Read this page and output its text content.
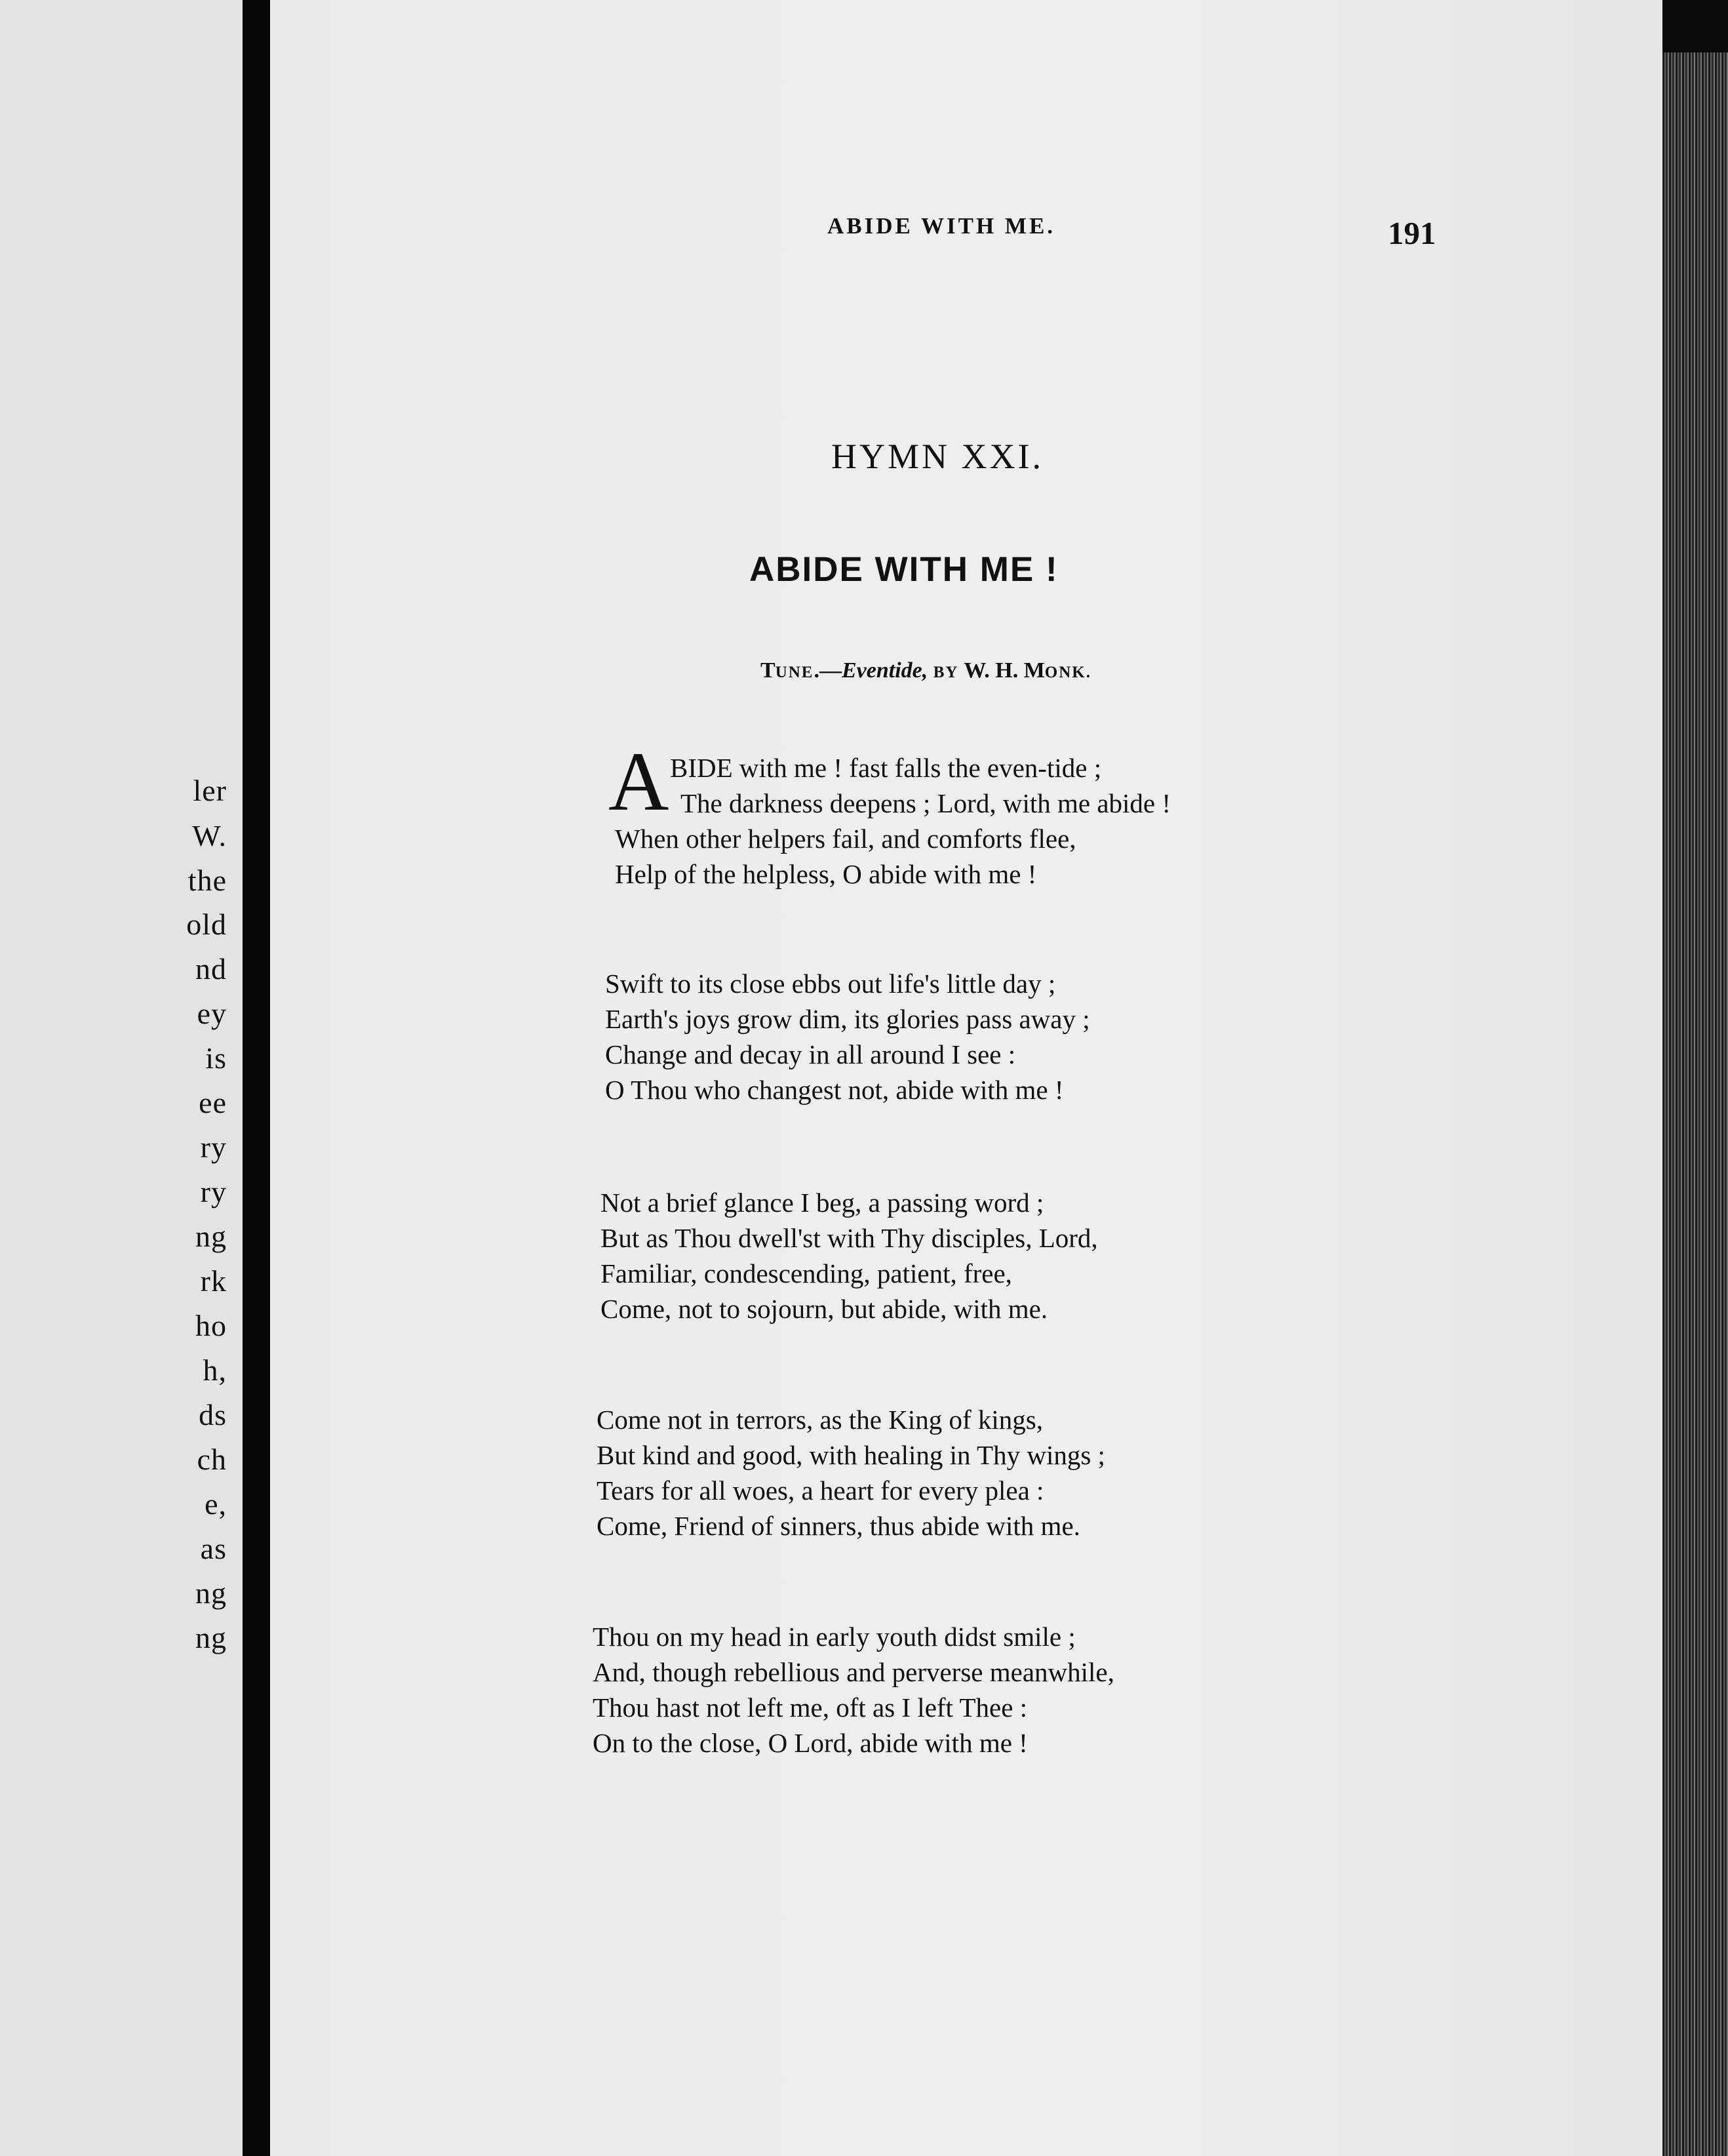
ler
W.
the
old
nd
ey
is
ee
ry
ry
ng
rk
ho
h,
ds
ch
e,
as
ng
ng
ABIDE WITH ME.	191
HYMN XXI.
ABIDE WITH ME !
TUNE.—Eventide, BY W. H. MONK.
A BIDE with me ! fast falls the even-tide ;
The darkness deepens ; Lord, with me abide !
When other helpers fail, and comforts flee,
Help of the helpless, O abide with me !
Swift to its close ebbs out life's little day ;
Earth's joys grow dim, its glories pass away ;
Change and decay in all around I see :
O Thou who changest not, abide with me !
Not a brief glance I beg, a passing word ;
But as Thou dwell'st with Thy disciples, Lord,
Familiar, condescending, patient, free,
Come, not to sojourn, but abide, with me.
Come not in terrors, as the King of kings,
But kind and good, with healing in Thy wings ;
Tears for all woes, a heart for every plea :
Come, Friend of sinners, thus abide with me.
Thou on my head in early youth didst smile ;
And, though rebellious and perverse meanwhile,
Thou hast not left me, oft as I left Thee :
On to the close, O Lord, abide with me !
